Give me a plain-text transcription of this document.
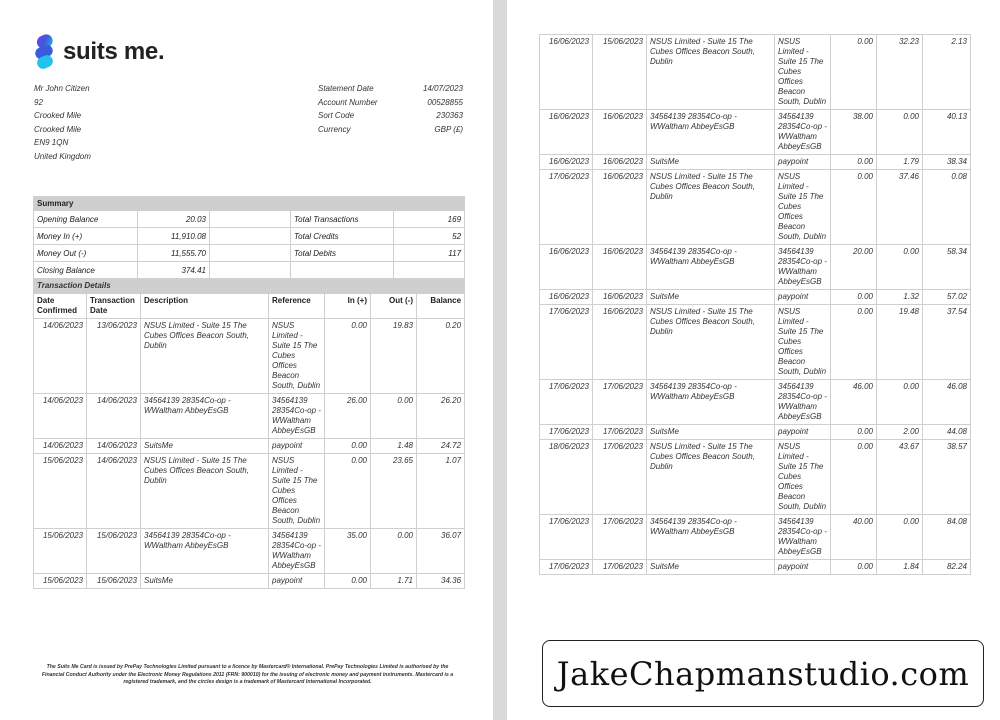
suits me.
Mr John Citizen
92
Crooked Mile
Crooked Mile
EN9 1QN
United Kingdom
Statement Date	14/07/2023
Account Number	00528855
Sort Code	230363
Currency	GBP (£)
Summary				
Opening Balance	20.03		Total Transactions	169
Money In (+)	11,910.08		Total Credits	52
Money Out (-)	11,555.70		Total Debits	117
Closing Balance	374.41			
Transaction Details						
Date Confirmed	Transaction Date	Description	Reference	In (+)	Out (-)	Balance
14/06/2023	13/06/2023	NSUS Limited - Suite 15 The Cubes Offices Beacon South, Dublin	NSUS Limited - Suite 15 The Cubes Offices Beacon South, Dublin	0.00	19.83	0.20
14/06/2023	14/06/2023	34564139 28354Co-op - WWaltham AbbeyEsGB	34564139 28354Co-op - WWaltham AbbeyEsGB	26.00	0.00	26.20
14/06/2023	14/06/2023	SuitsMe	paypoint	0.00	1.48	24.72
15/06/2023	14/06/2023	NSUS Limited - Suite 15 The Cubes Offices Beacon South, Dublin	NSUS Limited - Suite 15 The Cubes Offices Beacon South, Dublin	0.00	23.65	1.07
15/06/2023	15/06/2023	34564139 28354Co-op - WWaltham AbbeyEsGB	34564139 28354Co-op - WWaltham AbbeyEsGB	35.00	0.00	36.07
15/06/2023	15/06/2023	SuitsMe	paypoint	0.00	1.71	34.36
The Suits Me Card is issued by PrePay Technologies Limited pursuant to a licence by Mastercard® International. PrePay Technologies Limited is authorised by the Financial Conduct Authority under the Electronic Money Regulations 2011 (FRN: 900010) for the issuing of electronic money and payment instruments. Mastercard is a registered trademark, and the circles design is a trademark of Mastercard International Incorporated.
16/06/2023	15/06/2023	NSUS Limited - Suite 15 The Cubes Offices Beacon South, Dublin	NSUS Limited - Suite 15 The Cubes Offices Beacon South, Dublin	0.00	32.23	2.13
16/06/2023	16/06/2023	34564139 28354Co-op - WWaltham AbbeyEsGB	34564139 28354Co-op - WWaltham AbbeyEsGB	38.00	0.00	40.13
16/06/2023	16/06/2023	SuitsMe	paypoint	0.00	1.79	38.34
17/06/2023	16/06/2023	NSUS Limited - Suite 15 The Cubes Offices Beacon South, Dublin	NSUS Limited - Suite 15 The Cubes Offices Beacon South, Dublin	0.00	37.46	0.08
16/06/2023	16/06/2023	34564139 28354Co-op - WWaltham AbbeyEsGB	34564139 28354Co-op - WWaltham AbbeyEsGB	20.00	0.00	58.34
16/06/2023	16/06/2023	SuitsMe	paypoint	0.00	1.32	57.02
17/06/2023	16/06/2023	NSUS Limited - Suite 15 The Cubes Offices Beacon South, Dublin	NSUS Limited - Suite 15 The Cubes Offices Beacon South, Dublin	0.00	19.48	37.54
17/06/2023	17/06/2023	34564139 28354Co-op - WWaltham AbbeyEsGB	34564139 28354Co-op - WWaltham AbbeyEsGB	46.00	0.00	46.08
17/06/2023	17/06/2023	SuitsMe	paypoint	0.00	2.00	44.08
18/06/2023	17/06/2023	NSUS Limited - Suite 15 The Cubes Offices Beacon South, Dublin	NSUS Limited - Suite 15 The Cubes Offices Beacon South, Dublin	0.00	43.67	38.57
17/06/2023	17/06/2023	34564139 28354Co-op - WWaltham AbbeyEsGB	34564139 28354Co-op - WWaltham AbbeyEsGB	40.00	0.00	84.08
17/06/2023	17/06/2023	SuitsMe	paypoint	0.00	1.84	82.24
JakeChapmanstudio.com
